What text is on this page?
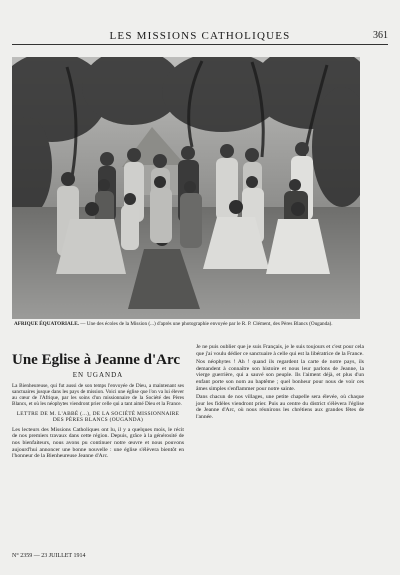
LES MISSIONS CATHOLIQUES	361
AFRIQUE ÉQUATORIALE. — Une des écoles de la Mission (...) d'après une photographie envoyée par le R. P. Clément, des Pères Blancs (Ouganda).
Une Eglise à Jeanne d'Arc
EN UGANDA

La Bienheureuse, qui fut aussi de son temps l'envoyée de Dieu, a maintenant ses sanctuaires jusque dans les pays de mission. Voici une église que l'on va lui élever au cœur de l'Afrique, par les soins d'un missionnaire de la Société des Pères Blancs, et où les néophytes viendront prier celle qui a tant aimé Dieu et la France.

LETTRE DE M. L'ABBÉ (...), DE LA SOCIÉTÉ MISSIONNAIRE DES PÈRES BLANCS (OUGANDA)

Les lecteurs des Missions Catholiques ont lu, il y a quelques mois, le récit de nos premiers travaux dans cette région. Depuis, grâce à la générosité de nos bienfaiteurs, nous avons pu continuer notre œuvre et nous pouvons aujourd'hui annoncer une bonne nouvelle : une église s'élèvera bientôt en l'honneur de la Bienheureuse Jeanne d'Arc.

Je ne puis oublier que je suis Français, je le suis toujours et c'est pour cela que j'ai voulu dédier ce sanctuaire à celle qui est la libératrice de la France.

Nos néophytes ! Ah ! quand ils regardent la carte de notre pays, ils demandent à connaître son histoire et nous leur parlons de Jeanne, la vierge guerrière, qui a sauvé son peuple. Ils l'aiment déjà, et plus d'un enfant porte son nom au baptême ; quel bonheur pour nous de voir ces âmes simples s'enflammer pour notre sainte.

Dans chacun de nos villages, une petite chapelle sera élevée, où chaque jour les fidèles viendront prier. Puis au centre du district s'élèvera l'église de Jeanne d'Arc, où nous réunirons les chrétiens aux grandes fêtes de l'année.

N° 2359 — 23 JUILLET 1914
